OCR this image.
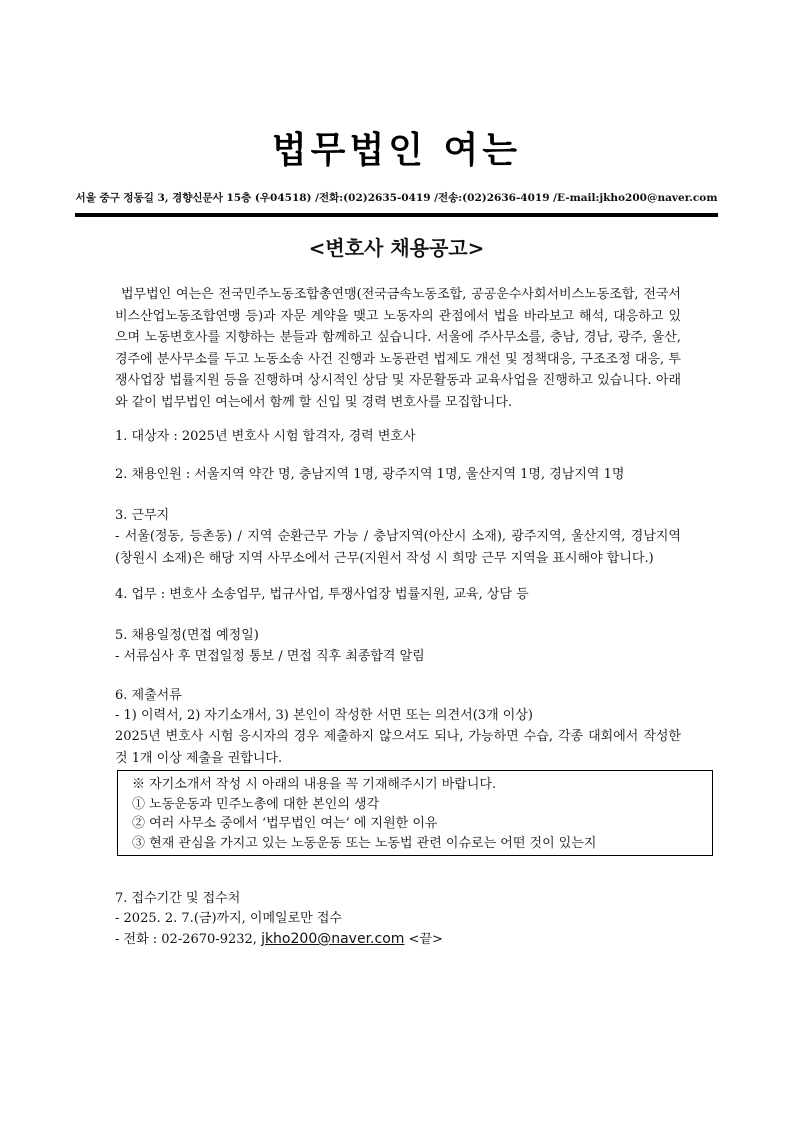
법무법인 여는
서울 중구 정동길 3, 경향신문사 15층 (우04518) /전화:(02)2635-0419 /전송:(02)2636-4019 /E-mail:jkho200@naver.com
<변호사 채용공고>
법무법인 여는은 전국민주노동조합총연맹(전국금속노동조합, 공공운수사회서비스노동조합, 전국서비스산업노동조합연맹 등)과 자문 계약을 맺고 노동자의 관점에서 법을 바라보고 해석, 대응하고 있으며 노동변호사를 지향하는 분들과 함께하고 싶습니다. 서울에 주사무소를, 충남, 경남, 광주, 울산, 경주에 분사무소를 두고 노동소송 사건 진행과 노동관련 법제도 개선 및 정책대응, 구조조정 대응, 투쟁사업장 법률지원 등을 진행하며 상시적인 상담 및 자문활동과 교육사업을 진행하고 있습니다. 아래와 같이 법무법인 여는에서 함께 할 신입 및 경력 변호사를 모집합니다.
1. 대상자 : 2025년 변호사 시험 합격자, 경력 변호사
2. 채용인원 : 서울지역 약간 명, 충남지역 1명, 광주지역 1명, 울산지역 1명, 경남지역 1명
3. 근무지
- 서울(정동, 등촌동) / 지역 순환근무 가능 / 충남지역(아산시 소재), 광주지역, 울산지역, 경남지역(창원시 소재)은 해당 지역 사무소에서 근무(지원서 작성 시 희망 근무 지역을 표시해야 합니다.)
4. 업무 : 변호사 소송업무, 법규사업, 투쟁사업장 법률지원, 교육, 상담 등
5. 채용일정(면접 예정일)
- 서류심사 후 면접일정 통보 / 면접 직후 최종합격 알림
6. 제출서류
- 1) 이력서, 2) 자기소개서, 3) 본인이 작성한 서면 또는 의견서(3개 이상)
2025년 변호사 시험 응시자의 경우 제출하지 않으셔도 되나, 가능하면 수습, 각종 대회에서 작성한 것 1개 이상 제출을 권합니다.
※ 자기소개서 작성 시 아래의 내용을 꼭 기재해주시기 바랍니다.
① 노동운동과 민주노총에 대한 본인의 생각
② 여러 사무소 중에서 ‘법무법인 여는’ 에 지원한 이유
③ 현재 관심을 가지고 있는 노동운동 또는 노동법 관련 이슈로는 어떤 것이 있는지
7. 접수기간 및 접수처
- 2025. 2. 7.(금)까지, 이메일로만 접수
- 전화 : 02-2670-9232, jkho200@naver.com <끝>
